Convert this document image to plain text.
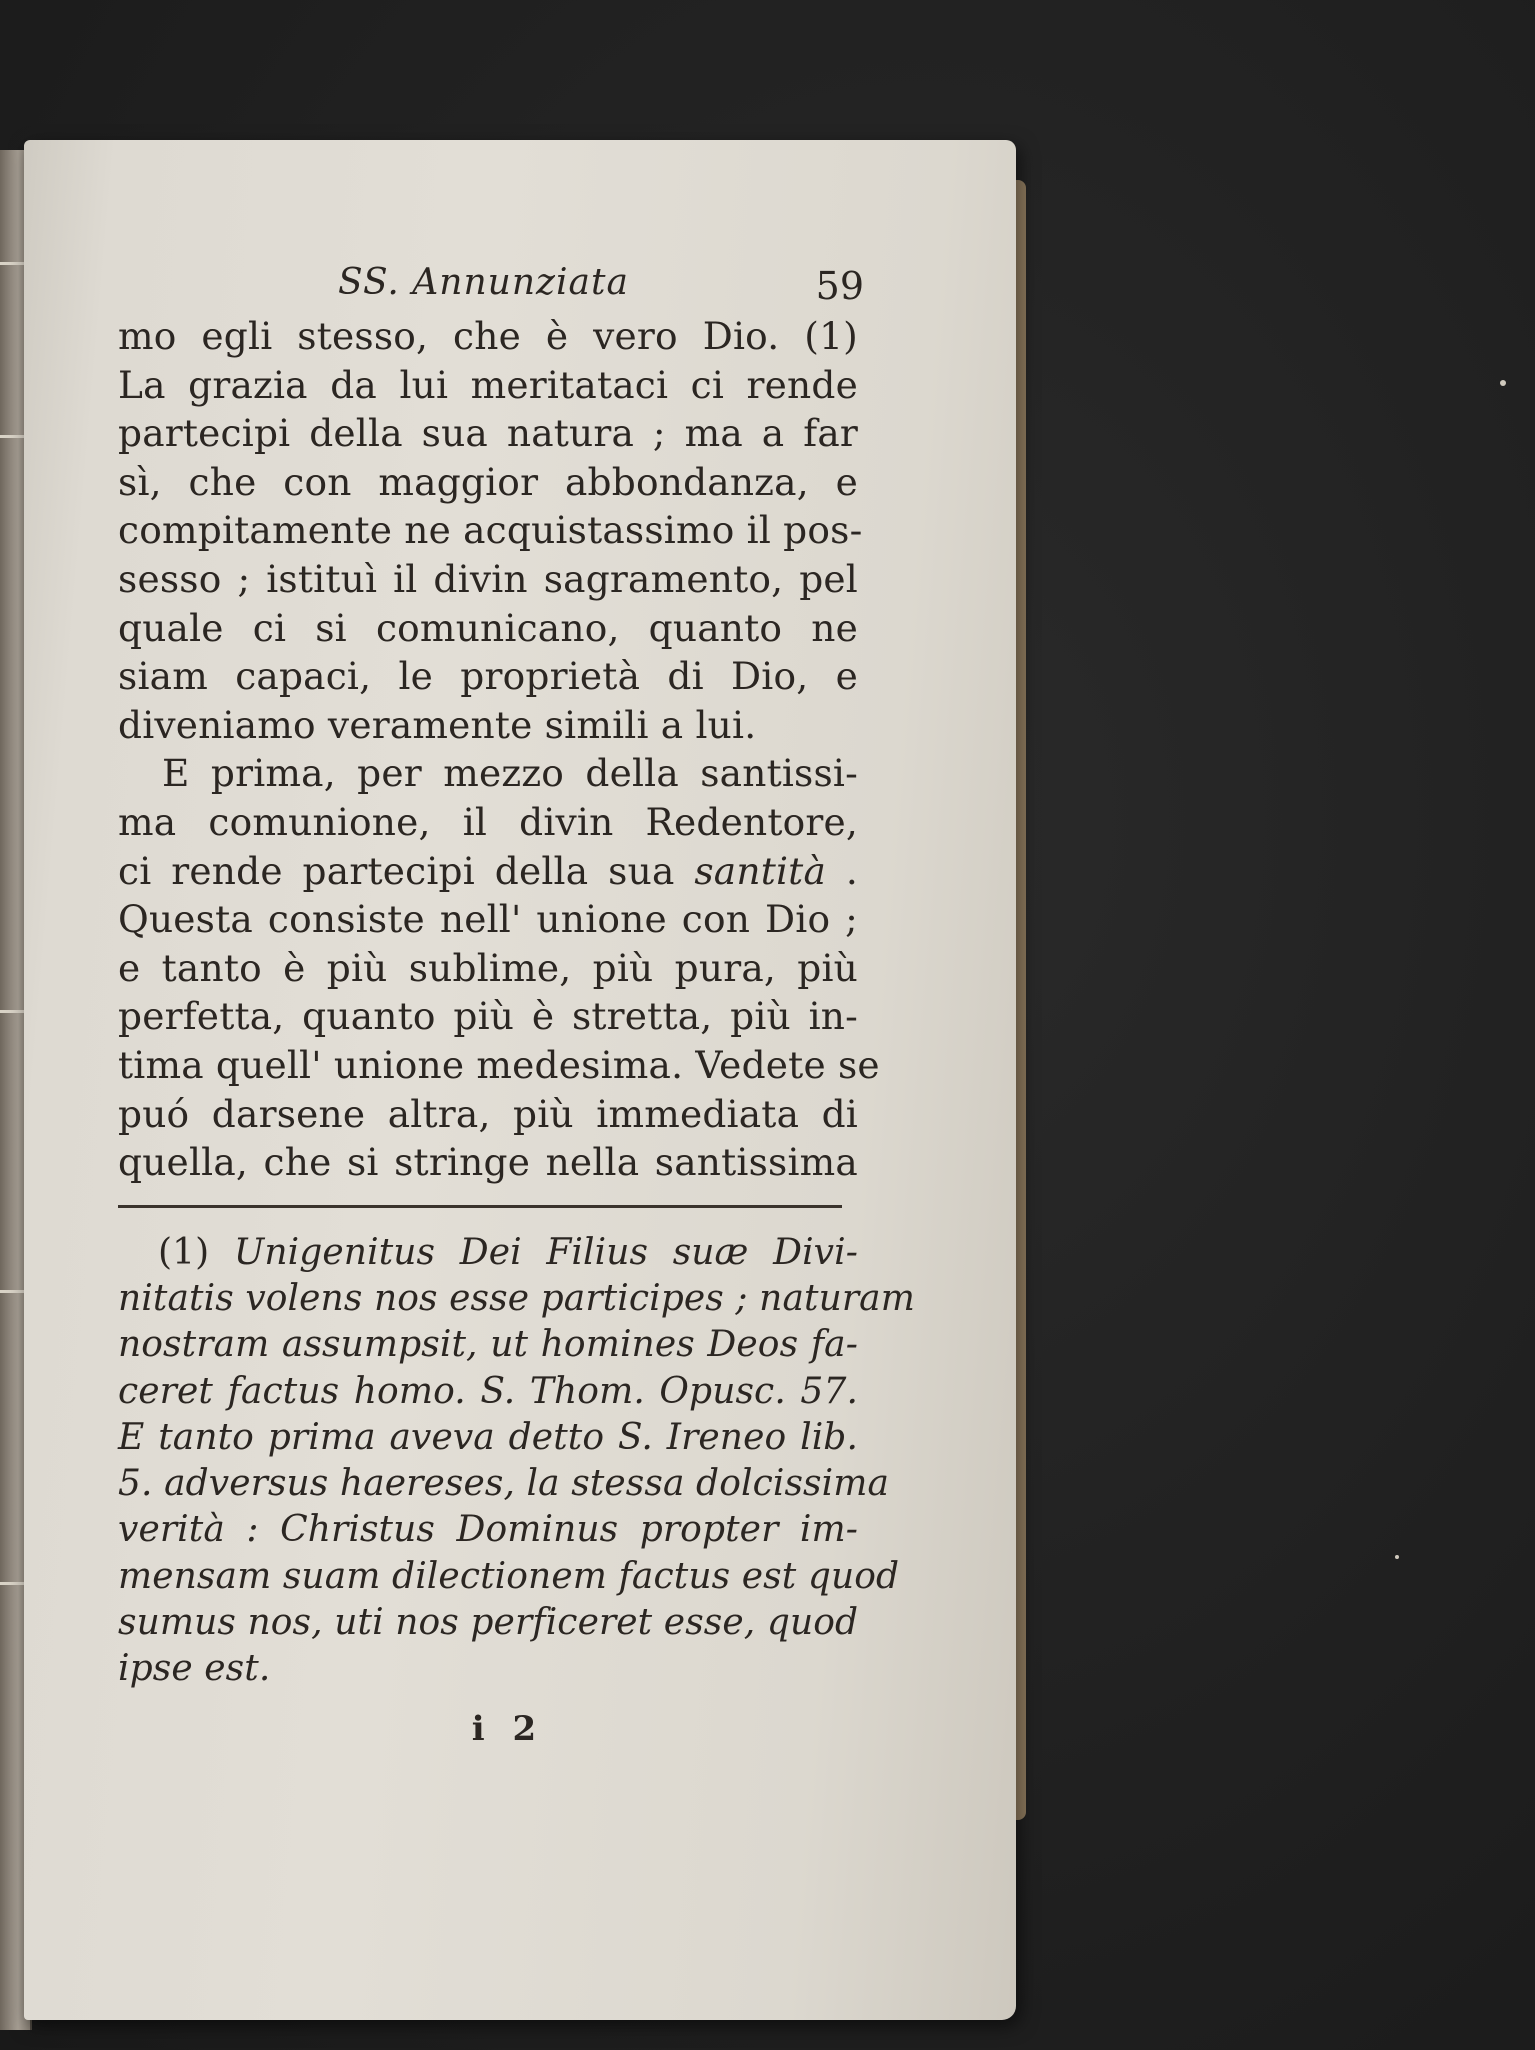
SS. Annunziata	59
mo egli stesso, che è vero Dio. (1)
La grazia da lui meritataci ci rende
partecipi della sua natura ; ma a far
sì, che con maggior abbondanza, e
compitamente ne acquistassimo il pos-
sesso ; istituì il divin sagramento, pel
quale ci si comunicano, quanto ne
siam capaci, le proprietà di Dio, e
diveniamo veramente simili a lui.
E prima, per mezzo della santissi-
ma comunione, il divin Redentore,
ci rende partecipi della sua santità .
Questa consiste nell' unione con Dio ;
e tanto è più sublime, più pura, più
perfetta, quanto più è stretta, più in-
tima quell' unione medesima. Vedete se
puó darsene altra, più immediata di
quella, che si stringe nella santissima
(1) Unigenitus Dei Filius suæ Divi-
nitatis volens nos esse participes ; naturam
nostram assumpsit, ut homines Deos fa-
ceret factus homo. S. Thom. Opusc. 57.
E tanto prima aveva detto S. Ireneo lib.
5. adversus haereses, la stessa dolcissima
verità : Christus Dominus propter im-
mensam suam dilectionem factus est quod
sumus nos, uti nos perficeret esse, quod
ipse est.
i 2
